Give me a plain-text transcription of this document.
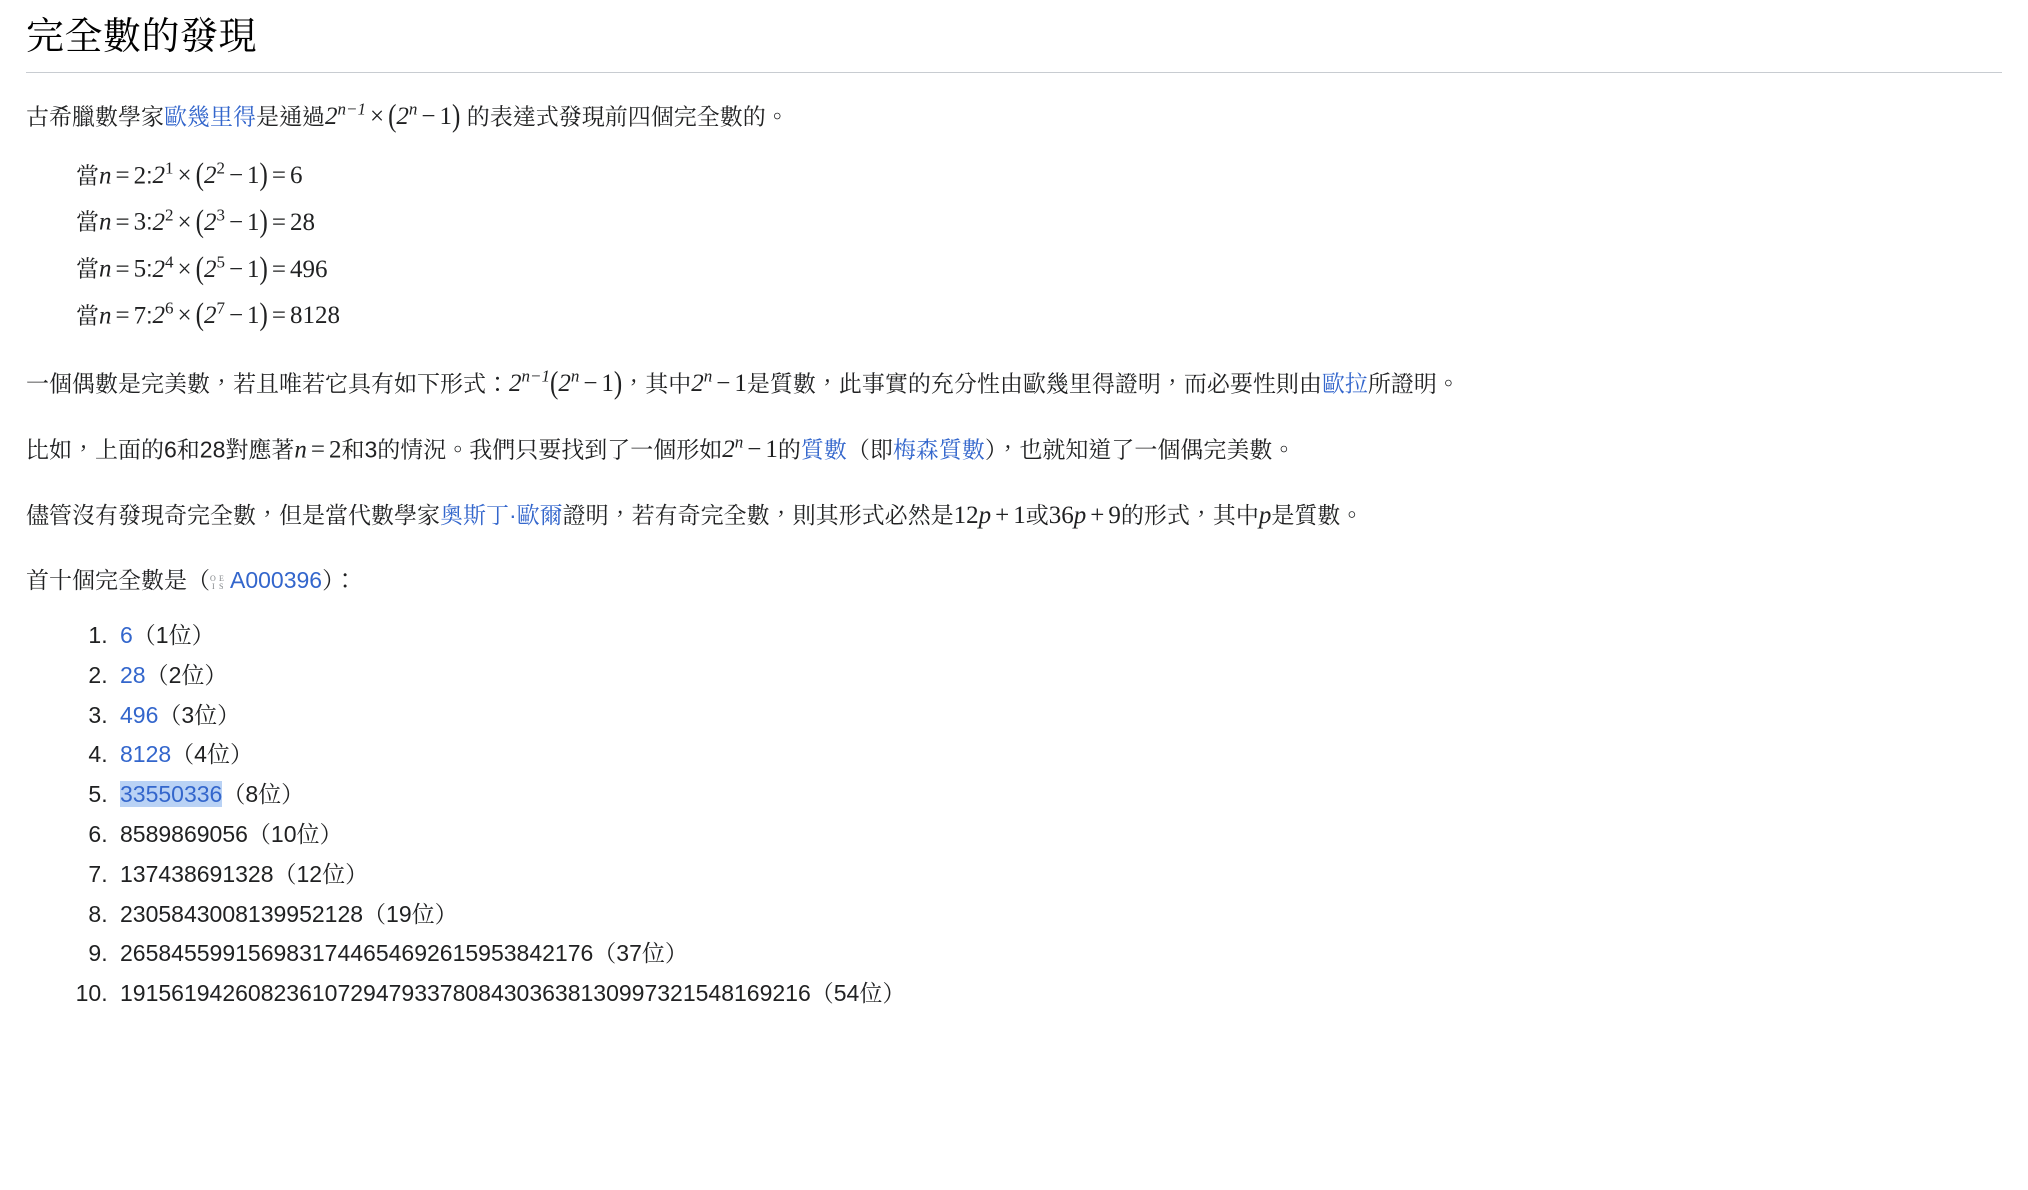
完全數的發現

古希臘數學家歐幾里得是通過$2^{n-1} \times (2^n - 1)$ 的表達式發現前四個完全數的。

當$n = 2:2^1 \times (2^2 - 1) = 6$
當$n = 3:2^2 \times (2^3 - 1) = 28$
當$n = 5:2^4 \times (2^5 - 1) = 496$
當$n = 7:2^6 \times (2^7 - 1) = 8128$

一個偶數是完美數，若且唯若它具有如下形式：$2^{n-1}(2^n - 1)$，其中$2^n - 1$是質數，此事實的充分性由歐幾里得證明，而必要性則由歐拉所證明。

比如，上面的6和28對應著n = 2和3的情況。我們只要找到了一個形如$2^n - 1$的質數（即梅森質數），也就知道了一個偶完美數。

儘管沒有發現奇完全數，但是當代數學家奧斯丁·歐爾證明，若有奇完全數，則其形式必然是12p + 1或36p + 9的形式，其中p是質數。

首十個完全數是（ O E
I S A000396）：

1. 6（1位）
2. 28（2位）
3. 496（3位）
4. 8128（4位）
5. 33550336（8位）
6. 8589869056（10位）
7. 137438691328（12位）
8. 2305843008139952128（19位）
9. 2658455991569831744654692615953842176（37位）
10. 191561942608236107294793378084303638130997321548169216（54位）
